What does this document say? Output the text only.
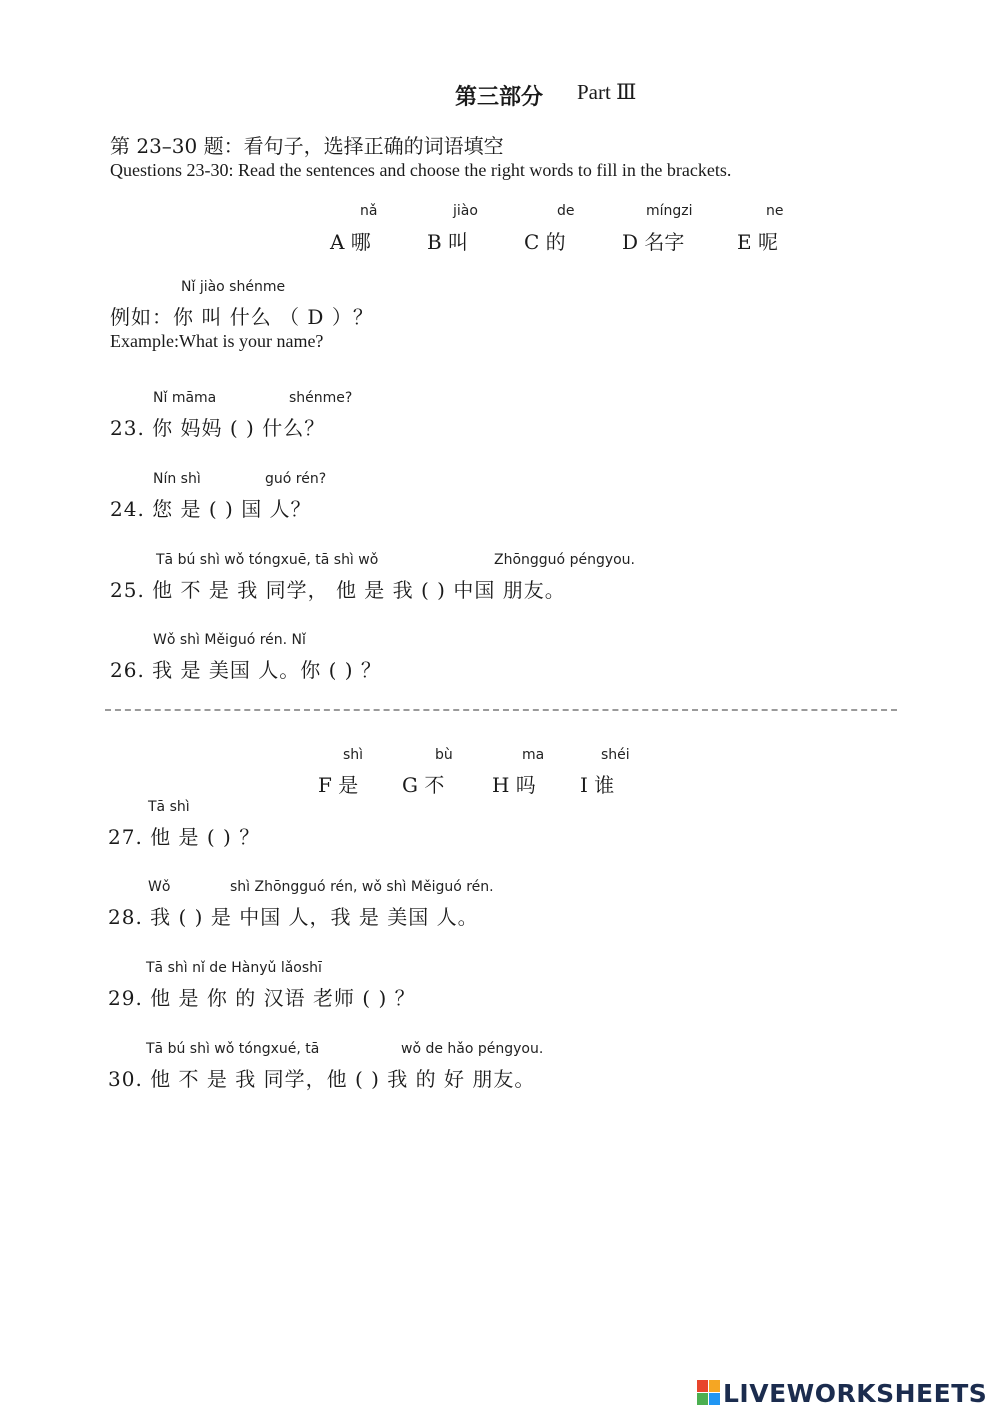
第三部分 Part Ⅲ
第 23–30 题：看句子，选择正确的词语填空
Questions 23-30: Read the sentences and choose the right words to fill in the brackets.
nǎ
A 哪
jiào
B 叫
de
C 的
míngzi
D 名字
ne
E 呢
Nǐ jiào shénme
例如：你 叫 什么 （ D ）？
Example:What is your name?
Nǐ māma	shénme?
23. 你 妈妈 ( ) 什么？
Nín shì	guó rén?
24. 您 是 ( ) 国 人？
Tā bú shì wǒ tóngxuē, tā shì wǒ	Zhōngguó péngyou.
25. 他 不 是 我 同学， 他 是 我 ( ) 中国 朋友。
Wǒ shì Měiguó rén. Nǐ
26. 我 是 美国 人。你 ( ) ？
shì
F 是
bù
G 不
ma
H 吗
shéi
I 谁
Tā shì
27. 他 是 ( ) ？
Wǒ	shì Zhōngguó rén, wǒ shì Měiguó rén.
28. 我 ( ) 是 中国 人，我 是 美国 人。
Tā shì nǐ de Hànyǔ lǎoshī
29. 他 是 你 的 汉语 老师 ( ) ？
Tā bú shì wǒ tóngxué, tā	wǒ de hǎo péngyou.
30. 他 不 是 我 同学，他 ( ) 我 的 好 朋友。
LIVEWORKSHEETS
